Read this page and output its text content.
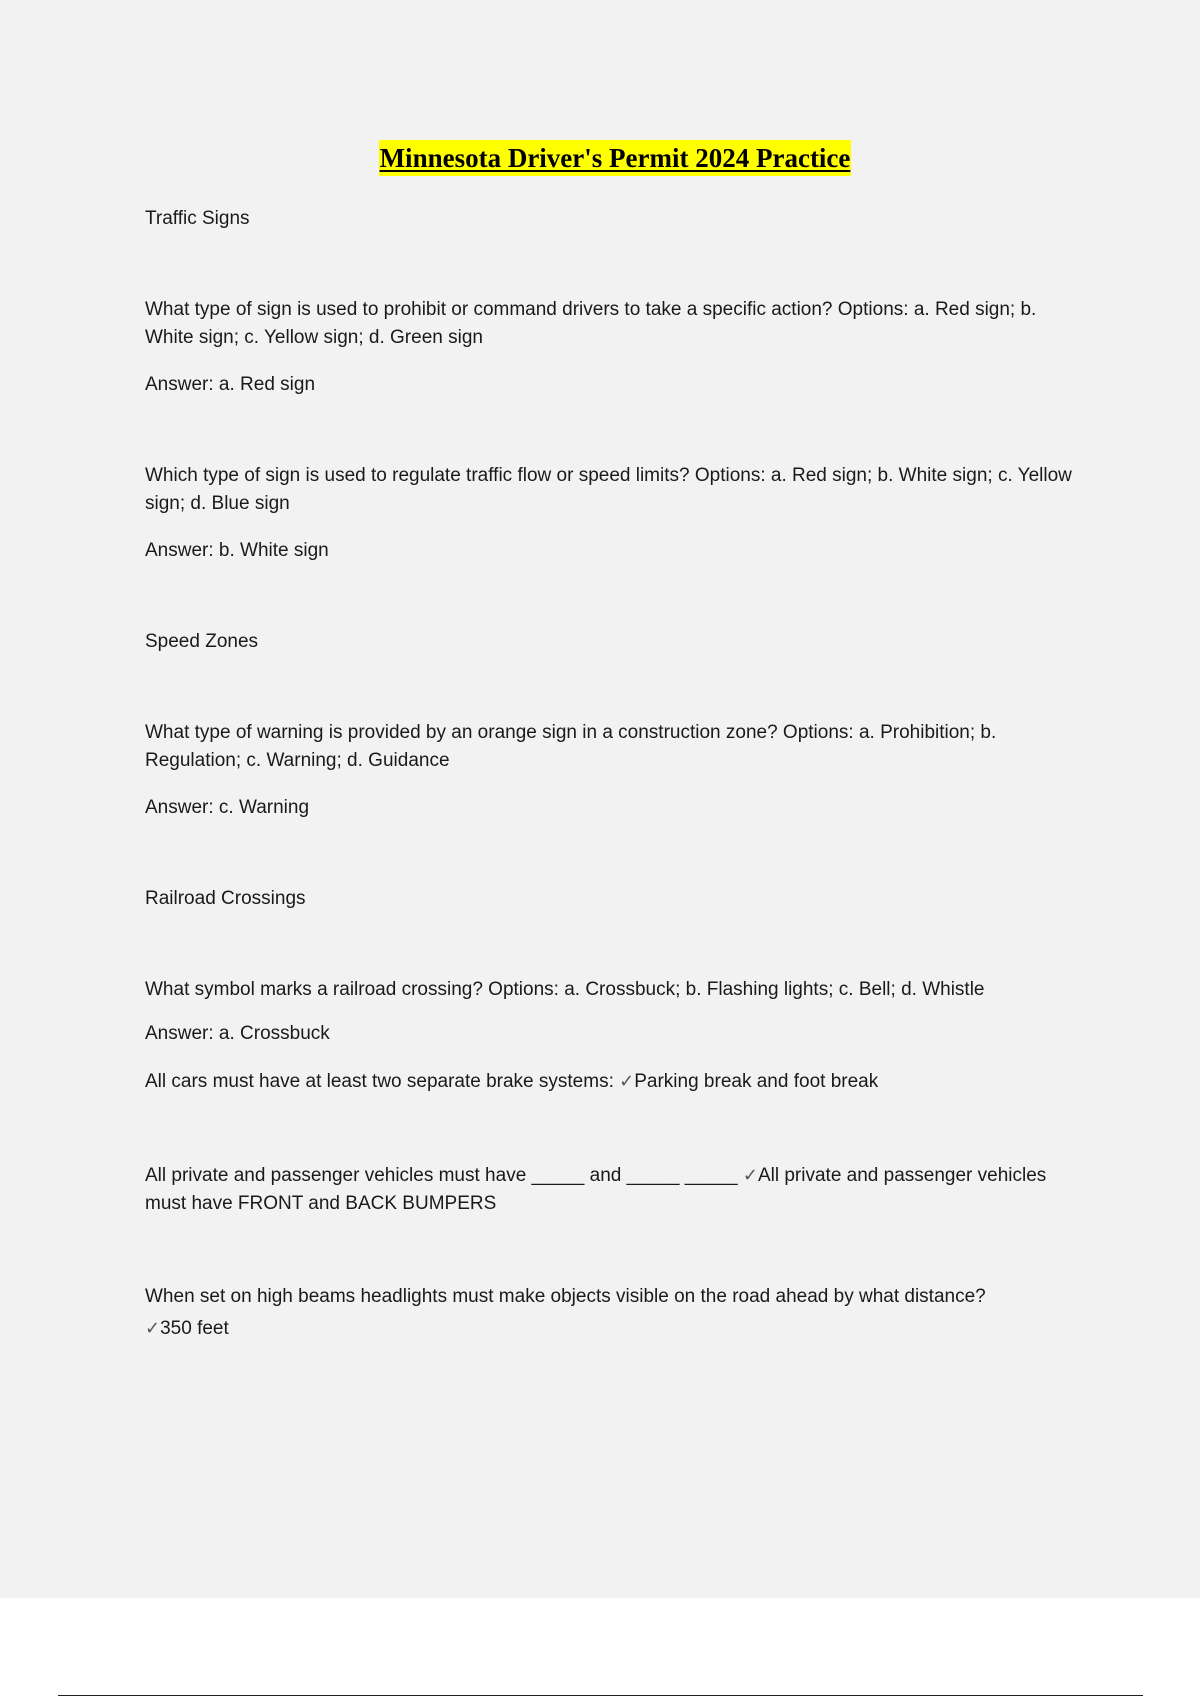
Minnesota Driver's Permit 2024 Practice

Traffic Signs

What type of sign is used to prohibit or command drivers to take a specific action? Options: a. Red sign; b. White sign; c. Yellow sign; d. Green sign

Answer: a. Red sign

Which type of sign is used to regulate traffic flow or speed limits? Options: a. Red sign; b. White sign; c. Yellow sign; d. Blue sign

Answer: b. White sign

Speed Zones

What type of warning is provided by an orange sign in a construction zone? Options: a. Prohibition; b. Regulation; c. Warning; d. Guidance

Answer: c. Warning

Railroad Crossings

What symbol marks a railroad crossing? Options: a. Crossbuck; b. Flashing lights; c. Bell; d. Whistle

Answer: a. Crossbuck

All cars must have at least two separate brake systems: ✓Parking break and foot break

All private and passenger vehicles must have _____ and _____ _____ ✓All private and passenger vehicles must have FRONT and BACK BUMPERS

When set on high beams headlights must make objects visible on the road ahead by what distance?
✓350 feet
